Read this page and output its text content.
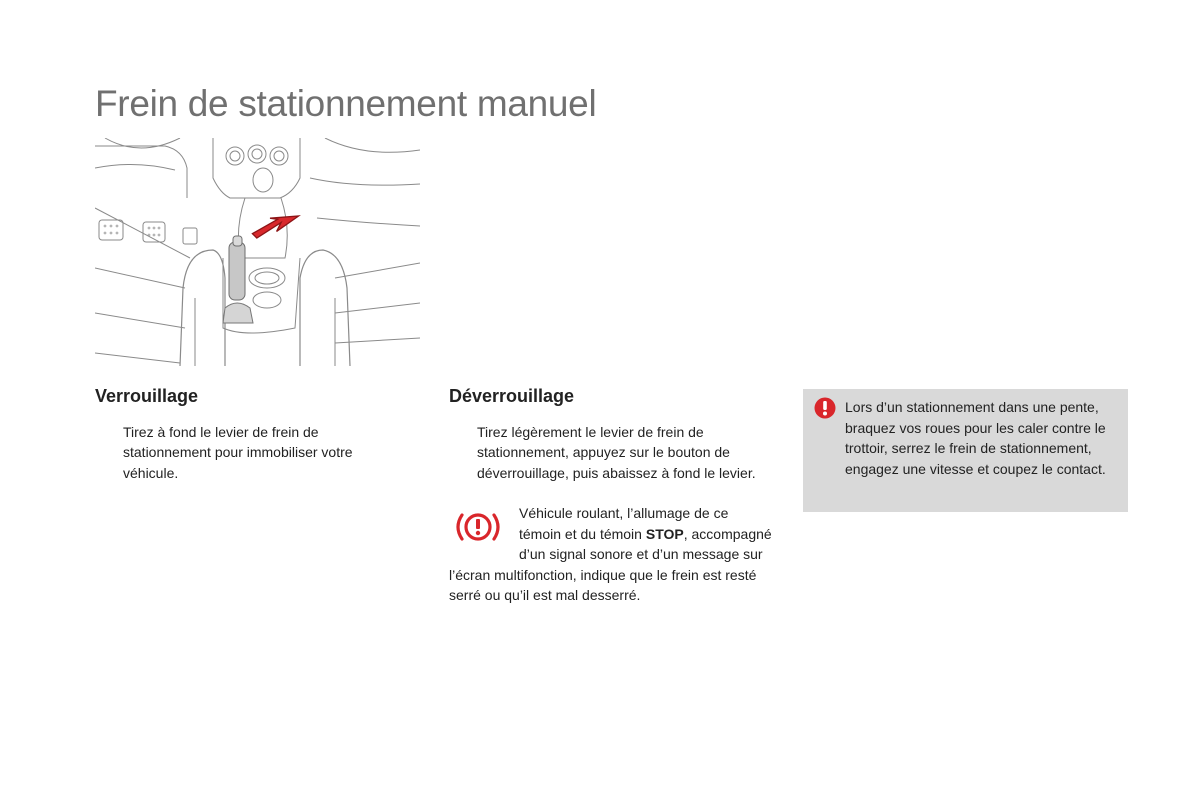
Frein de stationnement manuel
Verrouillage
Tirez à fond le levier de frein de stationnement pour immobiliser votre véhicule.
Déverrouillage
Tirez légèrement le levier de frein de stationnement, appuyez sur le bouton de déverrouillage, puis abaissez à fond le levier.
Véhicule roulant, l’allumage de ce témoin et du témoin STOP, accompagné d’un signal sonore et d’un message sur l’écran multifonction, indique que le frein est resté serré ou qu’il est mal desserré.
Lors d’un stationnement dans une pente, braquez vos roues pour les caler contre le trottoir, serrez le frein de stationnement, engagez une vitesse et coupez le contact.
